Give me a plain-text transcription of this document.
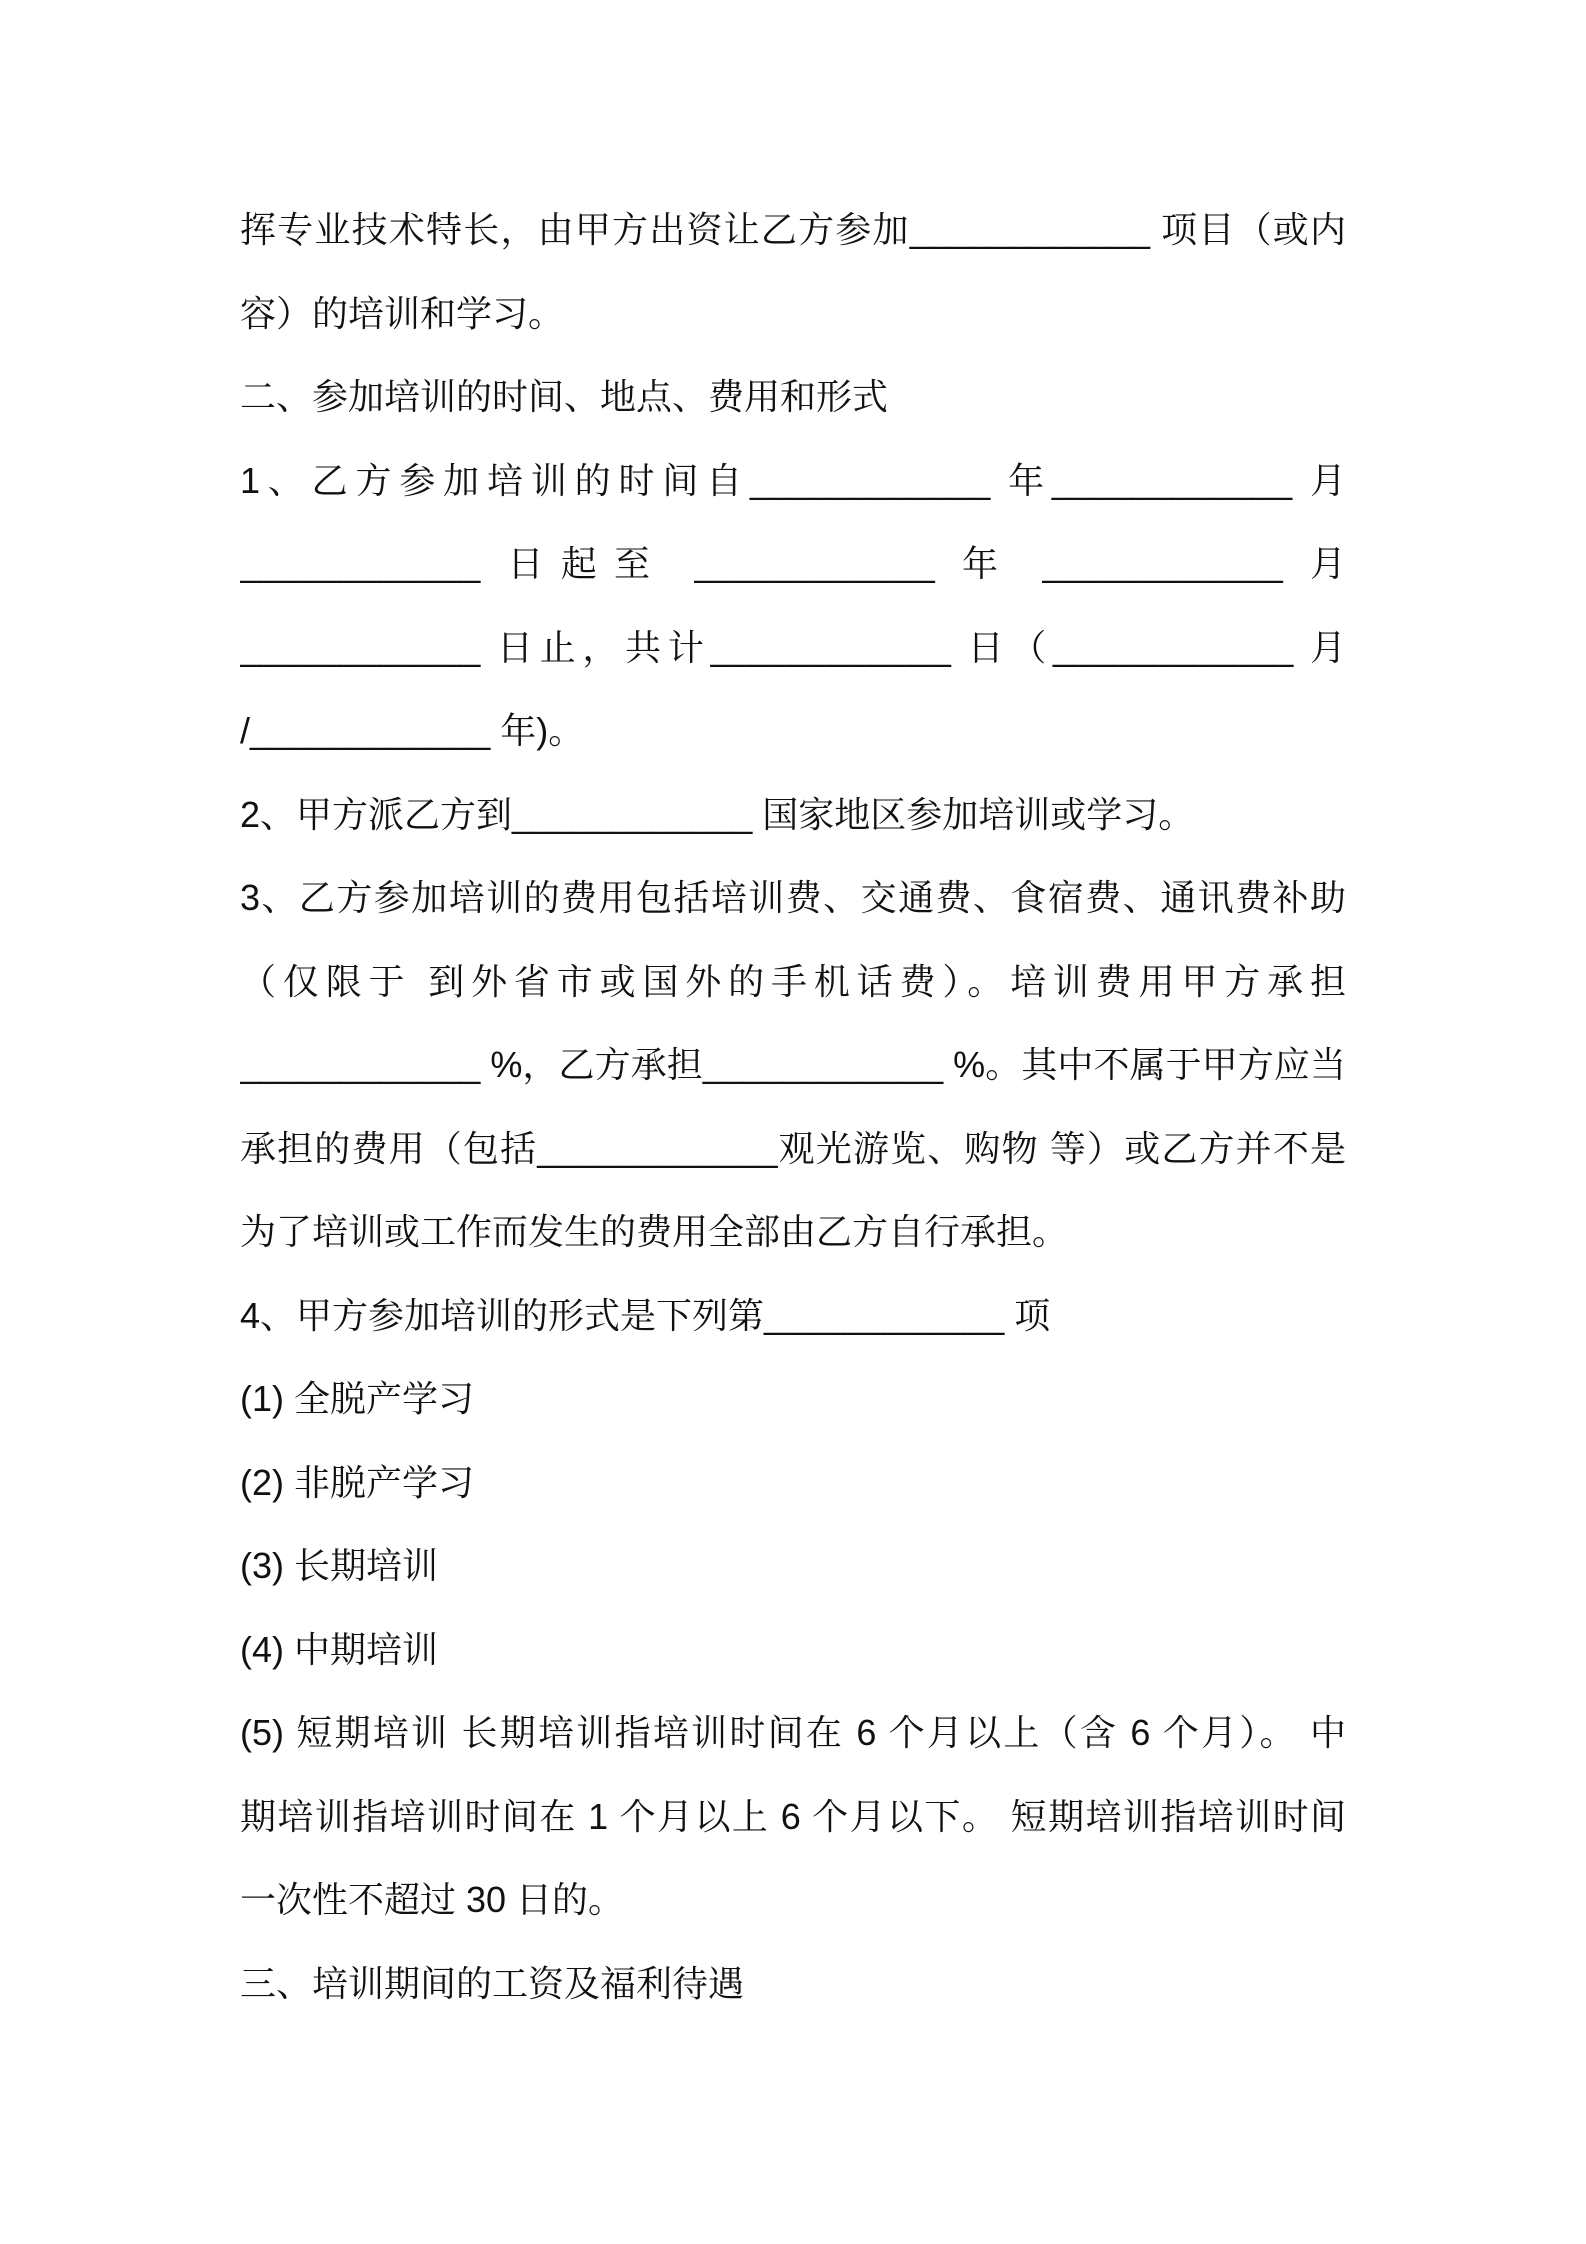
挥专业技术特长，由甲方出资让乙方参加____________ 项目（或内
容）的培训和学习。
二、参加培训的时间、地点、费用和形式
1、乙方参加培训的时间自____________ 年____________ 月
____________ 日起至 ____________ 年 ____________ 月
____________ 日止，共计____________ 日（____________ 月
/____________ 年)。
2、甲方派乙方到____________ 国家地区参加培训或学习。
3、乙方参加培训的费用包括培训费、交通费、食宿费、通讯费补助
（仅限于 到外省市或国外的手机话费）。培训费用甲方承担
____________ %，乙方承担____________ %。其中不属于甲方应当
承担的费用（包括____________观光游览、购物 等）或乙方并不是
为了培训或工作而发生的费用全部由乙方自行承担。
4、甲方参加培训的形式是下列第____________ 项
(1) 全脱产学习
(2) 非脱产学习
(3) 长期培训
(4) 中期培训
(5) 短期培训 长期培训指培训时间在 6 个月以上（含 6 个月）。 中
期培训指培训时间在 1 个月以上 6 个月以下。 短期培训指培训时间
一次性不超过 30 日的。
三、培训期间的工资及福利待遇
